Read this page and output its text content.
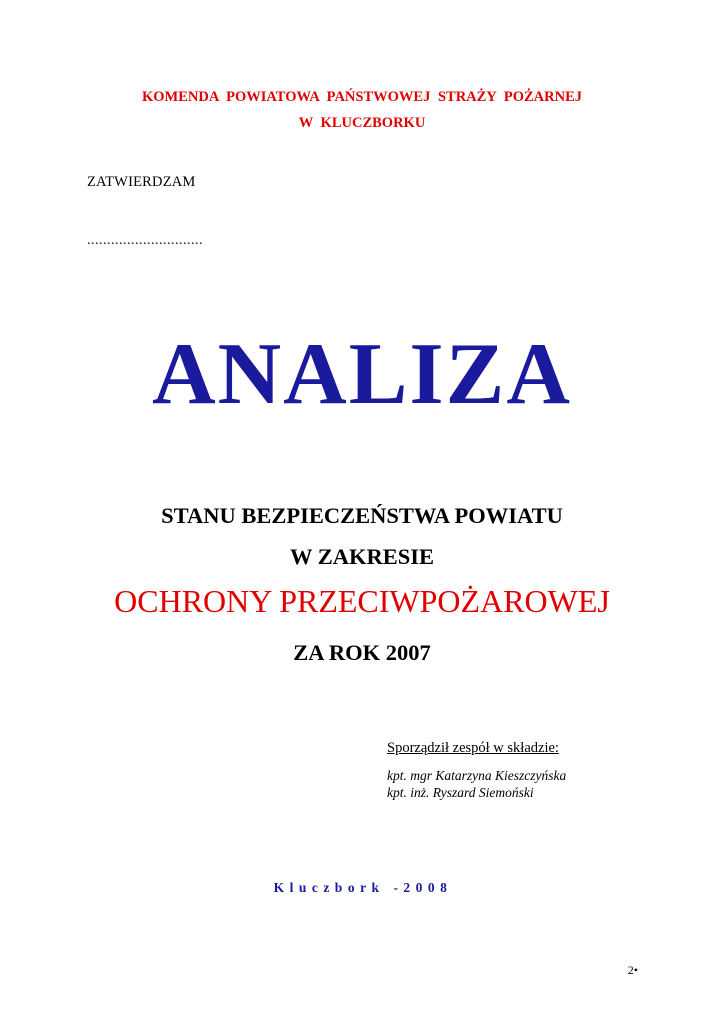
KOMENDA POWIATOWA PAŃSTWOWEJ STRAŻY POŻARNEJ
W KLUCZBORKU
ZATWIERDZAM
.............................
ANALIZA
STANU BEZPIECZEŃSTWA POWIATU
W ZAKRESIE
OCHRONY PRZECIWPOŻAROWEJ
ZA ROK 2007
Sporządził zespół w składzie:
kpt. mgr Katarzyna Kieszczyńska
kpt. inż. Ryszard Siemoński
Kluczbork -2008
2•
